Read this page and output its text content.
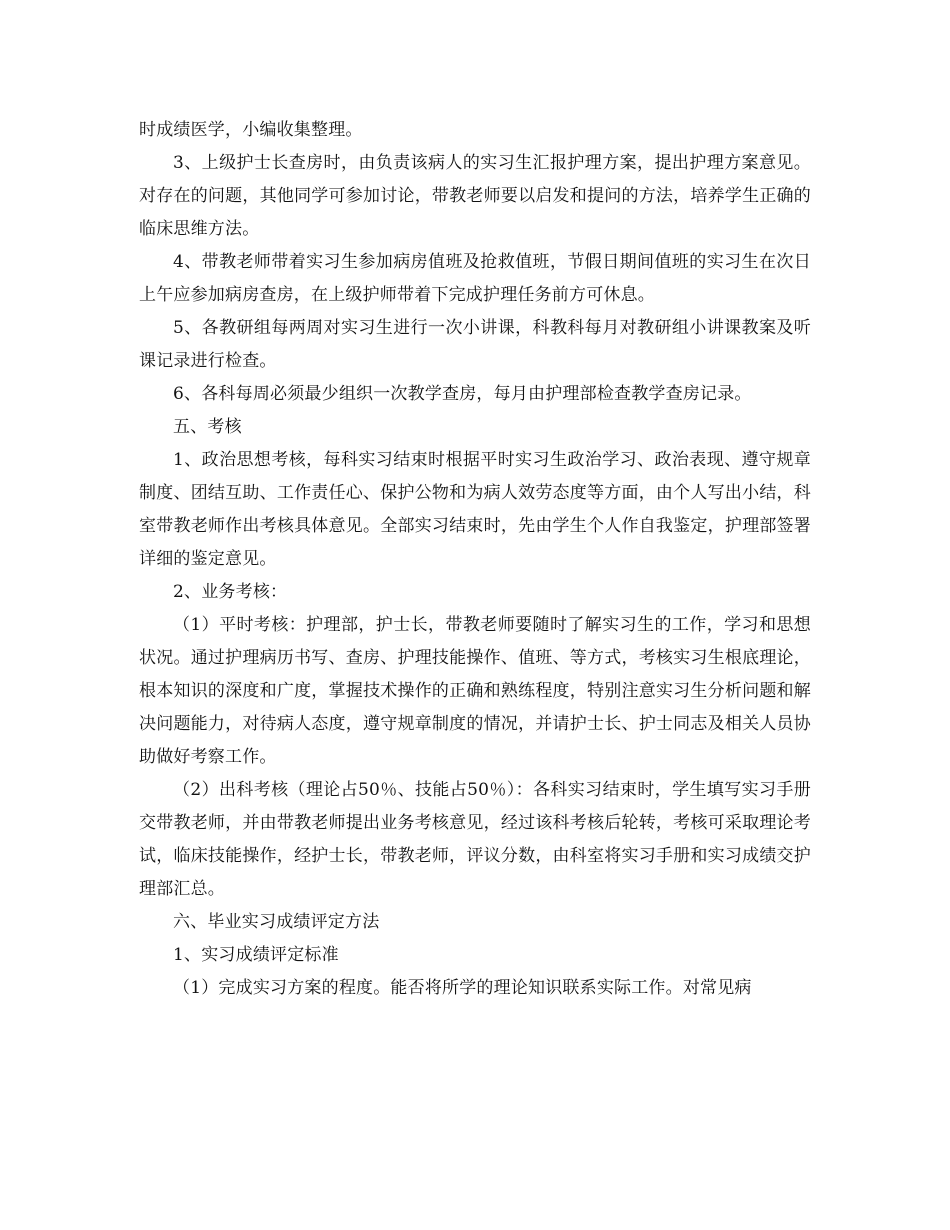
时成绩医学，小编收集整理。

3、上级护士长查房时，由负责该病人的实习生汇报护理方案，提出护理方案意见。对存在的问题，其他同学可参加讨论，带教老师要以启发和提问的方法，培养学生正确的临床思维方法。

4、带教老师带着实习生参加病房值班及抢救值班，节假日期间值班的实习生在次日上午应参加病房查房，在上级护师带着下完成护理任务前方可休息。

5、各教研组每两周对实习生进行一次小讲课，科教科每月对教研组小讲课教案及听课记录进行检查。

6、各科每周必须最少组织一次教学查房，每月由护理部检查教学查房记录。

五、考核

1、政治思想考核，每科实习结束时根据平时实习生政治学习、政治表现、遵守规章制度、团结互助、工作责任心、保护公物和为病人效劳态度等方面，由个人写出小结，科室带教老师作出考核具体意见。全部实习结束时，先由学生个人作自我鉴定，护理部签署详细的鉴定意见。

2、业务考核：

（1）平时考核：护理部，护士长，带教老师要随时了解实习生的工作，学习和思想状况。通过护理病历书写、查房、护理技能操作、值班、等方式，考核实习生根底理论，根本知识的深度和广度，掌握技术操作的正确和熟练程度，特别注意实习生分析问题和解决问题能力，对待病人态度，遵守规章制度的情况，并请护士长、护士同志及相关人员协助做好考察工作。

（2）出科考核（理论占50％、技能占50％）：各科实习结束时，学生填写实习手册交带教老师，并由带教老师提出业务考核意见，经过该科考核后轮转，考核可采取理论考试，临床技能操作，经护士长，带教老师，评议分数，由科室将实习手册和实习成绩交护理部汇总。

六、毕业实习成绩评定方法

1、实习成绩评定标准

（1）完成实习方案的程度。能否将所学的理论知识联系实际工作。对常见病
